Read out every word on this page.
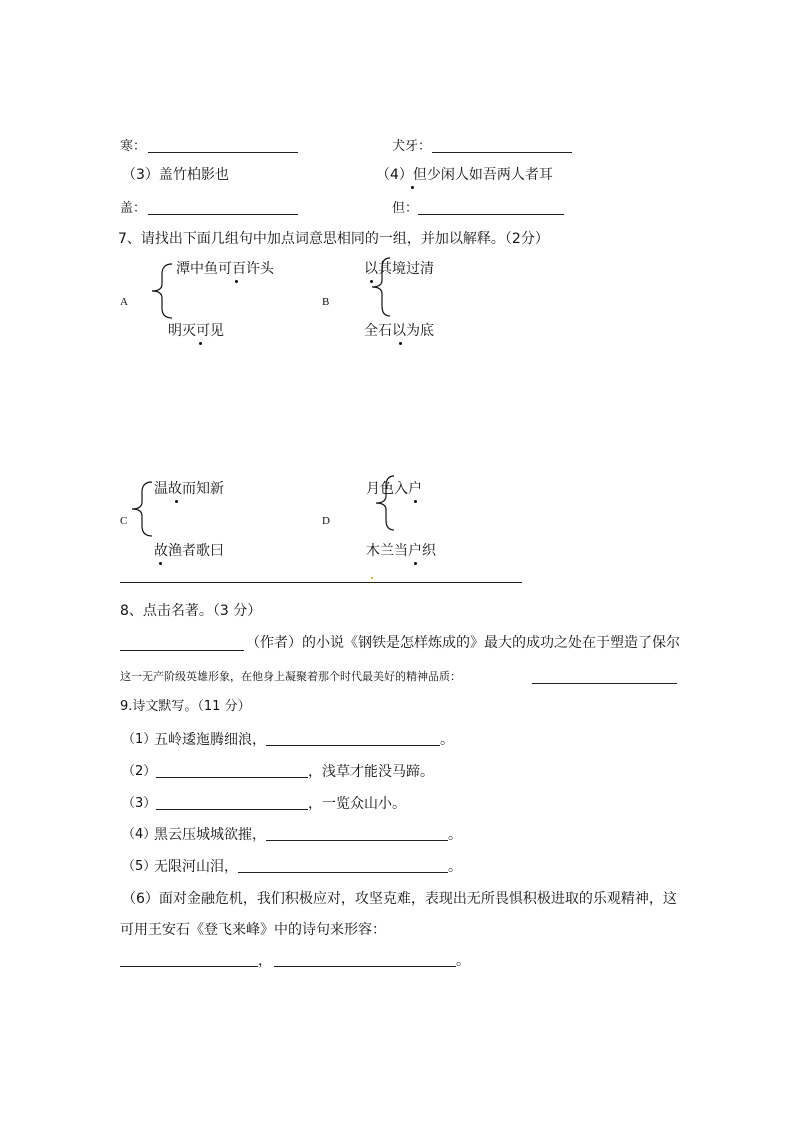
寒：	犬牙：
（3）盖竹柏影也	（4）但少闲人如吾两人者耳
盖：	但：
7、请找出下面几组句中加点词意思相同的一组，并加以解释。（2分）
A
潭中鱼可百许头
明灭可见
B
以其境过清
全石以为底
C
温故而知新
故渔者歌曰
D
月色入户
木兰当户织
8、点击名著。（3 分）
（作者）的小说《钢铁是怎样炼成的》最大的成功之处在于塑造了保尔
这一无产阶级英雄形象，在他身上凝聚着那个时代最美好的精神品质：
9.诗文默写。（11 分）
（1）
五岭逶迤腾细浪，	。
（2）	，浅草才能没马蹄。
（3）	，一览众山小。
（4）
黑云压城城欲摧，	。
（5）
无限河山泪，	。
（6）面对金融危机，我们积极应对，攻坚克难，表现出无所畏惧积极进取的乐观精神，这
可用王安石《登飞来峰》中的诗句来形容：
，	。
